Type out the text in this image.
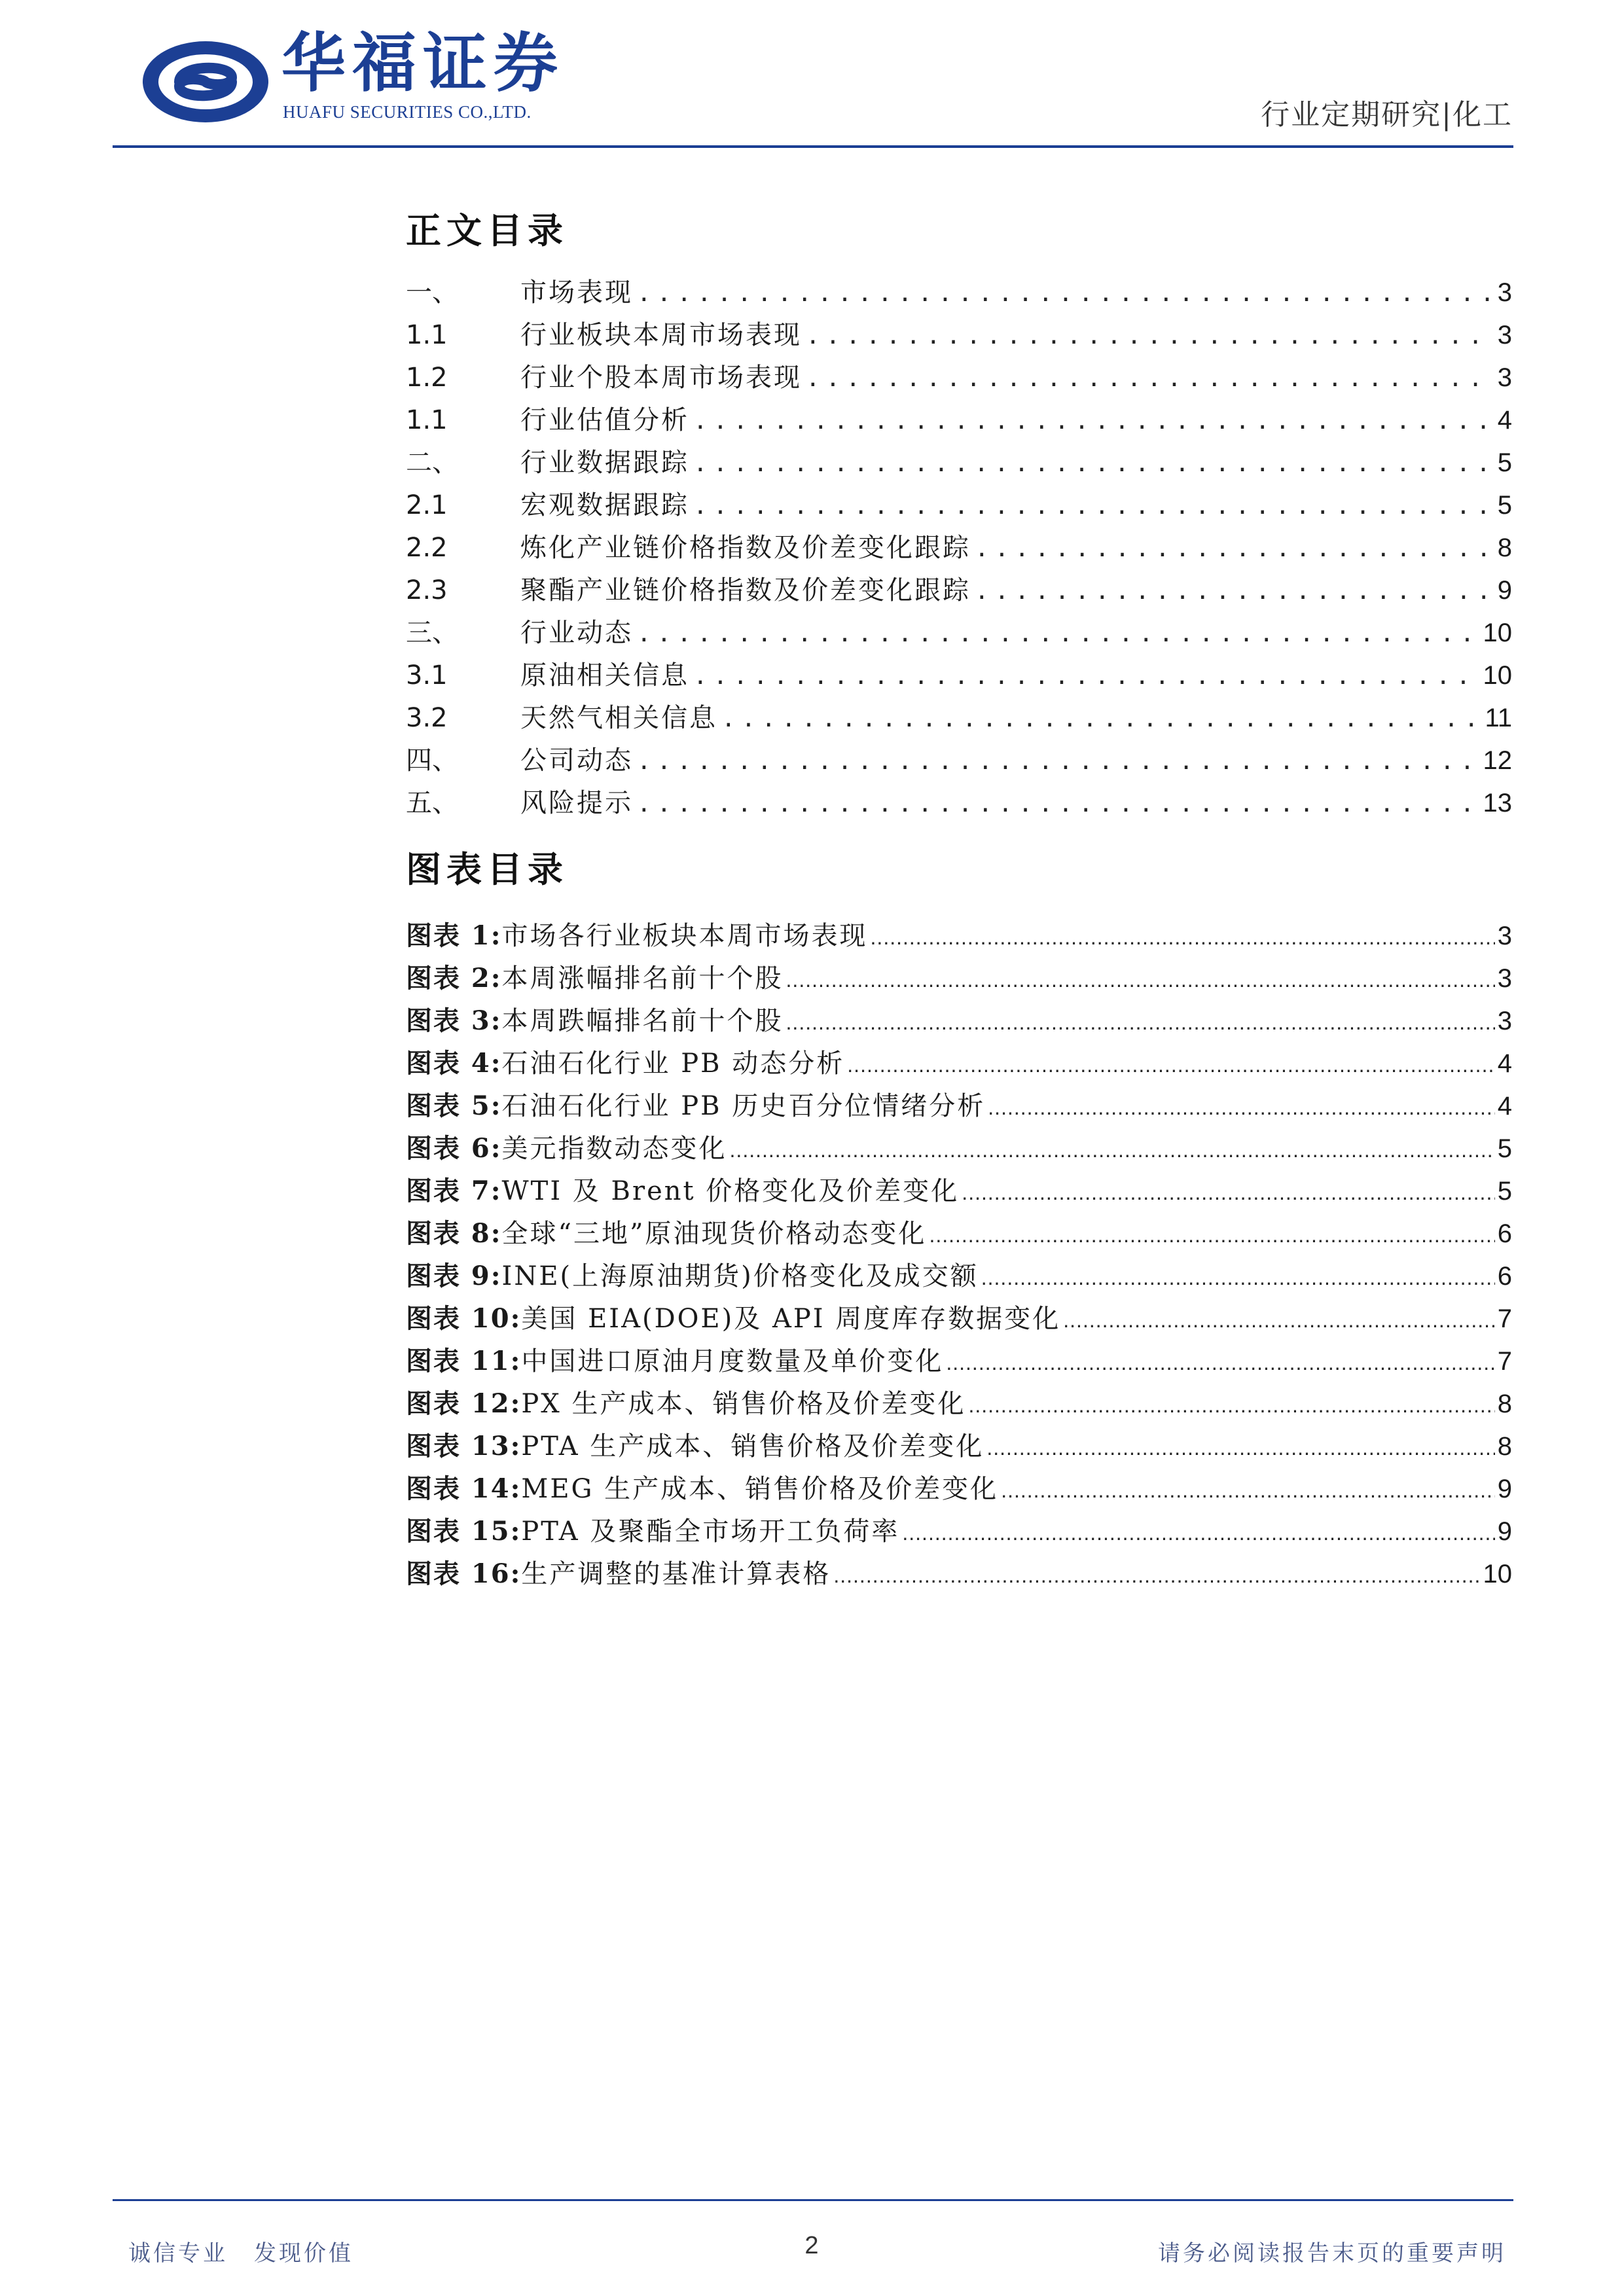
华福证券
HUAFU SECURITIES CO.,LTD.	行业定期研究|化工
正文目录
一、	市场表现 .....	3
1.1	行业板块本周市场表现 .....	3
1.2	行业个股本周市场表现 .....	3
1.1	行业估值分析 .....	4
二、	行业数据跟踪 .....	5
2.1	宏观数据跟踪 .....	5
2.2	炼化产业链价格指数及价差变化跟踪 .....	8
2.3	聚酯产业链价格指数及价差变化跟踪 .....	9
三、	行业动态 .....	10
3.1	原油相关信息 .....	10
3.2	天然气相关信息 .....	11
四、	公司动态 .....	12
五、	风险提示 .....	13
图表目录
图表 1: 市场各行业板块本周市场表现 .....	3
图表 2: 本周涨幅排名前十个股 .....	3
图表 3: 本周跌幅排名前十个股 .....	3
图表 4: 石油石化行业 PB 动态分析 .....	4
图表 5: 石油石化行业 PB 历史百分位情绪分析 .....	4
图表 6: 美元指数动态变化 .....	5
图表 7: WTI 及 Brent 价格变化及价差变化 .....	5
图表 8: 全球“三地”原油现货价格动态变化 .....	6
图表 9: INE(上海原油期货)价格变化及成交额 .....	6
图表 10: 美国 EIA(DOE)及 API 周度库存数据变化 .....	7
图表 11: 中国进口原油月度数量及单价变化 .....	7
图表 12: PX 生产成本、销售价格及价差变化 .....	8
图表 13: PTA 生产成本、销售价格及价差变化 .....	8
图表 14: MEG 生产成本、销售价格及价差变化 .....	9
图表 15: PTA 及聚酯全市场开工负荷率 .....	9
图表 16: 生产调整的基准计算表格 .....	10
诚信专业 发现价值	2	请务必阅读报告末页的重要声明
